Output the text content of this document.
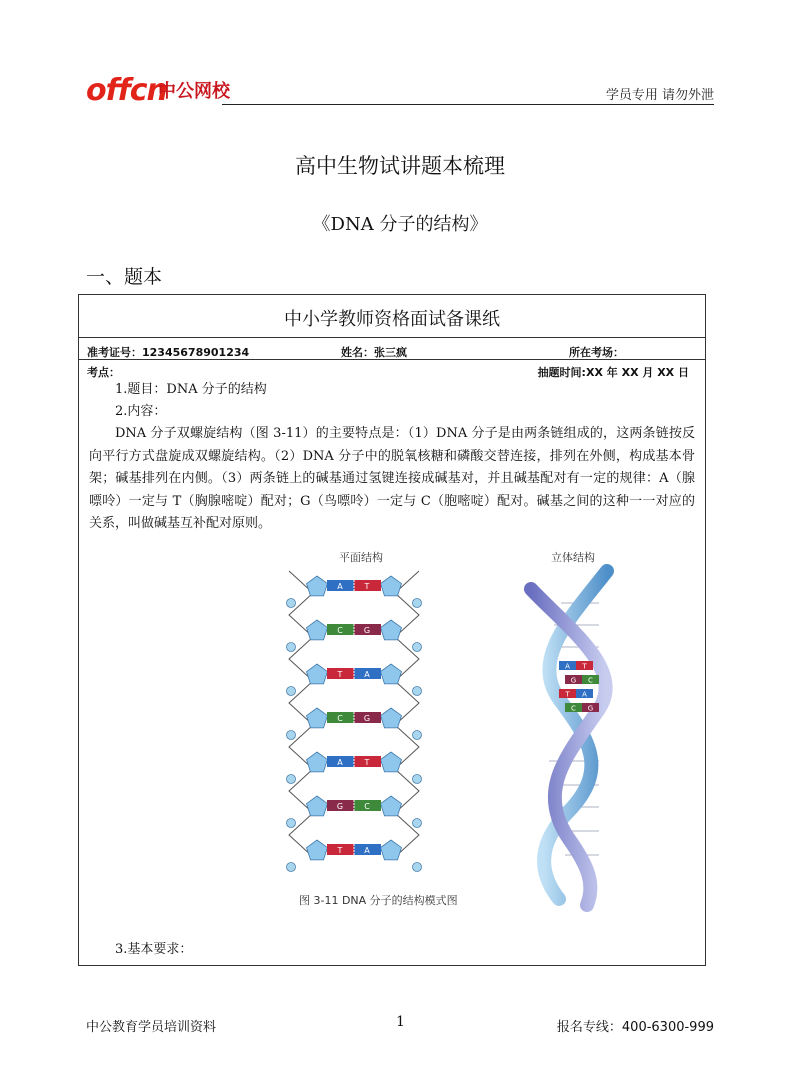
offcn
中公网校	学员专用 请勿外泄
高中生物试讲题本梳理
《DNA 分子的结构》
一、题本
中小学教师资格面试备课纸
准考证号：12345678901234	姓名：张三疯	所在考场：
考点：	抽题时间:XX 年 XX 月 XX 日
1.题目：DNA 分子的结构
2.内容：
DNA 分子双螺旋结构（图 3-11）的主要特点是：（1）DNA 分子是由两条链组成的，这两条链按反向平行方式盘旋成双螺旋结构。（2）DNA 分子中的脱氧核糖和磷酸交替连接，排列在外侧，构成基本骨架；碱基排列在内侧。（3）两条链上的碱基通过氢键连接成碱基对，并且碱基配对有一定的规律：A（腺嘌呤）一定与 T（胸腺嘧啶）配对；G（鸟嘌呤）一定与 C（胞嘧啶）配对。碱基之间的这种一一对应的关系，叫做碱基互补配对原则。
平面结构	立体结构
A	T
C	G
T	A
C	G
A	T
G	C
T	A
A T
G C
T A
C G
图 3-11 DNA 分子的结构模式图
3.基本要求：
中公教育学员培训资料	1	报名专线：400-6300-999
